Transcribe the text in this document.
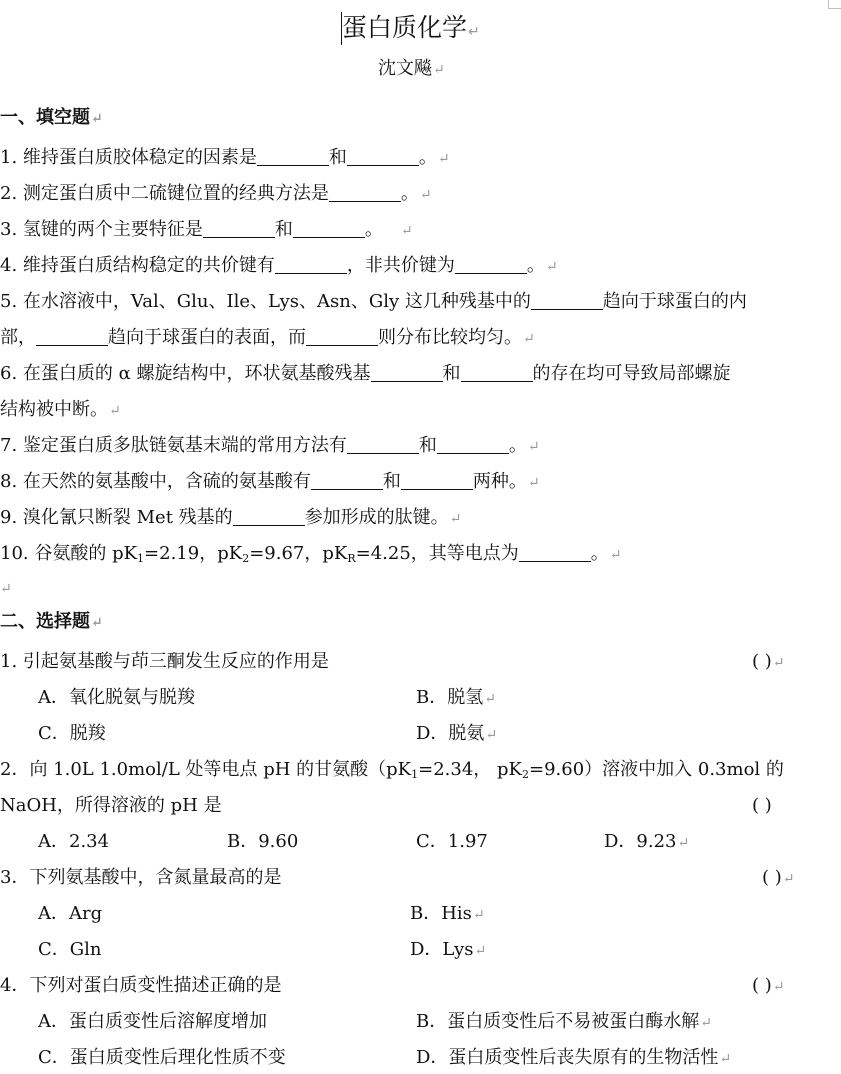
蛋白质化学↵
沈文飚↵
一、填空题↵
1. 维持蛋白质胶体稳定的因素是	和	。↵
2. 测定蛋白质中二硫键位置的经典方法是	。↵
3. 氢键的两个主要特征是	和	。 ↵
4. 维持蛋白质结构稳定的共价键有	，非共价键为	。↵
5. 在水溶液中，Val、Glu、Ile、Lys、Asn、Gly 这几种残基中的	趋向于球蛋白的内
部，	趋向于球蛋白的表面，而	则分布比较均匀。↵
6. 在蛋白质的 α 螺旋结构中，环状氨基酸残基	和	的存在均可导致局部螺旋
结构被中断。↵
7. 鉴定蛋白质多肽链氨基末端的常用方法有	和	。↵
8. 在天然的氨基酸中，含硫的氨基酸有	和	两种。↵
9. 溴化氰只断裂 Met 残基的	参加形成的肽键。↵
10. 谷氨酸的 $pK_1=2.19$，$pK_2=9.67$，$pK_R=4.25$，其等电点为	。↵
↵
二、选择题↵
1. 引起氨基酸与茚三酮发生反应的作用是	( )↵
A．氧化脱氨与脱羧	B．脱氢↵
C．脱羧	D．脱氨↵
2．向 1.0L 1.0mol/L 处等电点 pH 的甘氨酸（$pK_1=2.34$， $pK_2=9.60$）溶液中加入 0.3mol 的
NaOH，所得溶液的 pH 是	( )
A．2.34	B．9.60	C．1.97	D．9.23↵
3．下列氨基酸中，含氮量最高的是	( )↵
A．Arg	B．His↵
C．Gln	D．Lys↵
4．下列对蛋白质变性描述正确的是	( )↵
A．蛋白质变性后溶解度增加	B．蛋白质变性后不易被蛋白酶水解↵
C．蛋白质变性后理化性质不变	D．蛋白质变性后丧失原有的生物活性↵
